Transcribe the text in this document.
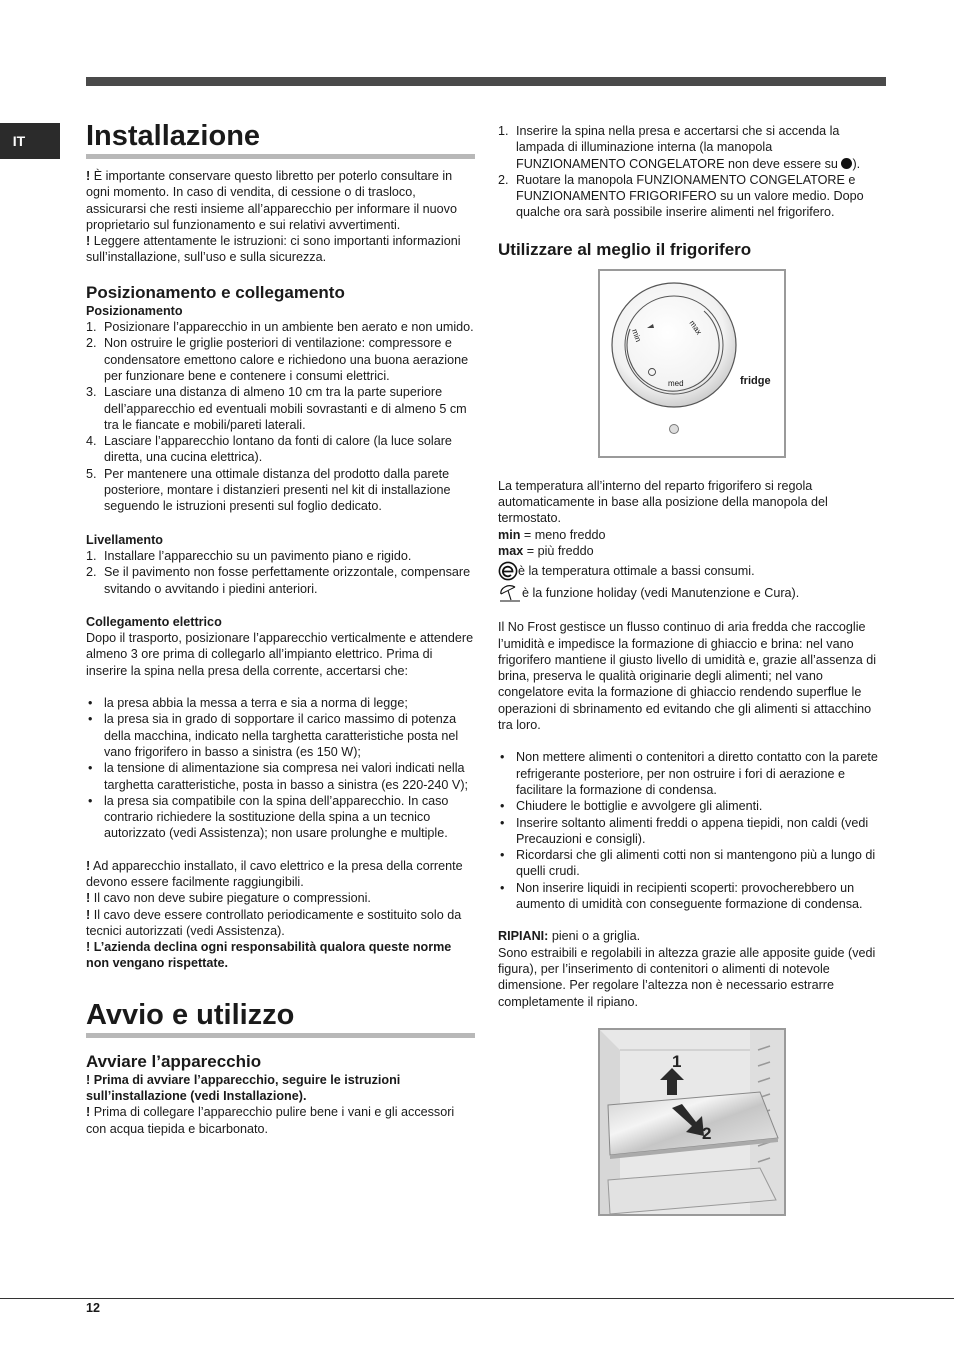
IT	Installazione

! È importante conservare questo libretto per poterlo consultare in ogni momento. In caso di vendita, di cessione o di trasloco, assicurarsi che resti insieme all’apparecchio per informare il nuovo proprietario sul funzionamento e sui relativi avvertimenti.

! Leggere attentamente le istruzioni: ci sono importanti informazioni sull’installazione, sull’uso e sulla sicurezza.

Posizionamento e collegamento
Posizionamento
1. Posizionare l’apparecchio in un ambiente ben aerato e non umido.
2. Non ostruire le griglie posteriori di ventilazione: compressore e condensatore emettono calore e richiedono una buona aerazione per funzionare bene e contenere i consumi elettrici.
3. Lasciare una distanza di almeno 10 cm tra la parte superiore dell’apparecchio ed eventuali mobili sovrastanti e di almeno 5 cm tra le fiancate e mobili/pareti laterali.
4. Lasciare l’apparecchio lontano da fonti di calore (la luce solare diretta, una cucina elettrica).
5. Per mantenere una ottimale distanza del prodotto dalla parete posteriore, montare i distanzieri presenti nel kit di installazione seguendo le istruzioni presenti sul foglio dedicato.
Livellamento
1. Installare l’apparecchio su un pavimento piano e rigido.
2. Se il pavimento non fosse perfettamente orizzontale, compensare svitando o avvitando i piedini anteriori.
Collegamento elettrico

Dopo il trasporto, posizionare l’apparecchio verticalmente e attendere almeno 3 ore prima di collegarlo all’impianto elettrico. Prima di inserire la spina nella presa della corrente, accertarsi che:

• la presa abbia la messa a terra e sia a norma di legge;
• la presa sia in grado di sopportare il carico massimo di potenza della macchina, indicato nella targhetta caratteristiche posta nel vano frigorifero in basso a sinistra (es 150 W);
• la tensione di alimentazione sia compresa nei valori indicati nella targhetta caratteristiche, posta in basso a sinistra (es 220-240 V);
• la presa sia compatibile con la spina dell’apparecchio. In caso contrario richiedere la sostituzione della spina a un tecnico autorizzato (vedi Assistenza); non usare prolunghe e multiple.

! Ad apparecchio installato, il cavo elettrico e la presa della corrente devono essere facilmente raggiungibili.

! Il cavo non deve subire piegature o compressioni.

! Il cavo deve essere controllato periodicamente e sostituito solo da tecnici autorizzati (vedi Assistenza).

! L’azienda declina ogni responsabilità qualora queste norme non vengano rispettate.

Avvio e utilizzo
Avviare l’apparecchio

! Prima di avviare l’apparecchio, seguire le istruzioni sull’installazione (vedi Installazione).

! Prima di collegare l’apparecchio pulire bene i vani e gli accessori con acqua tiepida e bicarbonato.

1. Inserire la spina nella presa e accertarsi che si accenda la lampada di illuminazione interna (la manopola FUNZIONAMENTO CONGELATORE non deve essere su ).
2. Ruotare la manopola FUNZIONAMENTO CONGELATORE e FUNZIONAMENTO FRIGORIFERO su un valore medio. Dopo qualche ora sarà possibile inserire alimenti nel frigorifero.
Utilizzare al meglio il frigorifero
min	max
med	fridge

La temperatura all’interno del reparto frigorifero si regola automaticamente in base alla posizione della manopola del termostato.

min = meno freddo

max = più freddo

è la temperatura ottimale a bassi consumi.
è la funzione holiday (vedi Manutenzione e Cura).

Il No Frost gestisce un flusso continuo di aria fredda che raccoglie l’umidità e impedisce la formazione di ghiaccio e brina: nel vano frigorifero mantiene il giusto livello di umidità e, grazie all’assenza di brina, preserva le qualità originarie degli alimenti; nel vano congelatore evita la formazione di ghiaccio rendendo superflue le operazioni di sbrinamento ed evitando che gli alimenti si attacchino tra loro.

• Non mettere alimenti o contenitori a diretto contatto con la parete refrigerante posteriore, per non ostruire i fori di aerazione e facilitare la formazione di condensa.
• Chiudere le bottiglie e avvolgere gli alimenti.
• Inserire soltanto alimenti freddi o appena tiepidi, non caldi (vedi Precauzioni e consigli).
• Ricordarsi che gli alimenti cotti non si mantengono più a lungo di quelli crudi.
• Non inserire liquidi in recipienti scoperti: provocherebbero un aumento di umidità con conseguente formazione di condensa.

RIPIANI: pieni o a griglia.

Sono estraibili e regolabili in altezza grazie alle apposite guide (vedi figura), per l’inserimento di contenitori o alimenti di notevole dimensione. Per regolare l’altezza non è necessario estrarre completamente il ripiano.

1
2
12
